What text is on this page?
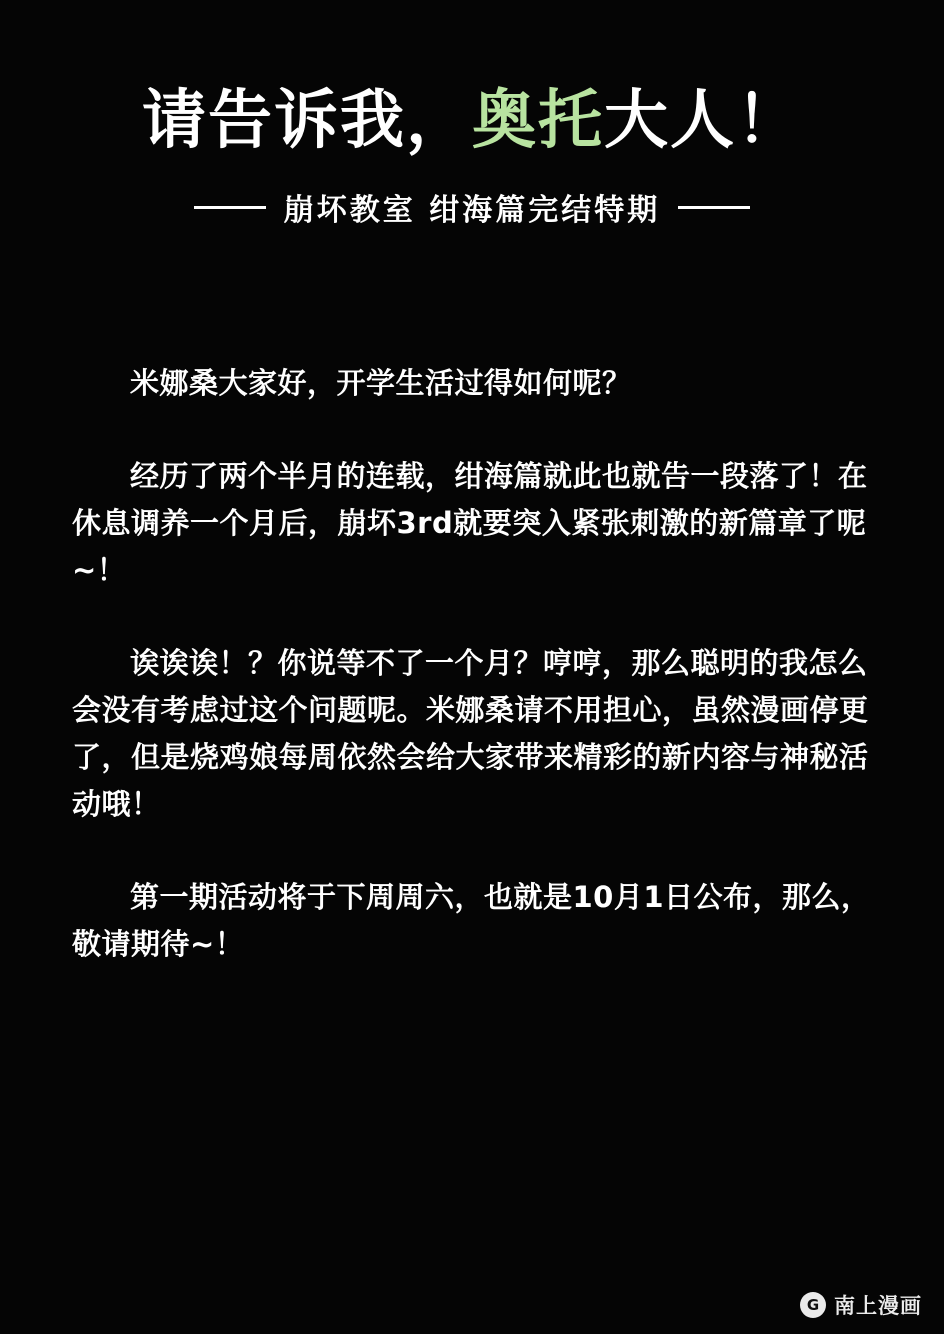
请告诉我，奥托大人！
崩坏教室 绀海篇完结特期

米娜桑大家好，开学生活过得如何呢？

经历了两个半月的连载，绀海篇就此也就告一段落了！在休息调养一个月后，崩坏3rd就要突入紧张刺激的新篇章了呢~！

诶诶诶！？你说等不了一个月？哼哼，那么聪明的我怎么会没有考虑过这个问题呢。米娜桑请不用担心，虽然漫画停更了，但是烧鸡娘每周依然会给大家带来精彩的新内容与神秘活动哦！

第一期活动将于下周周六，也就是10月1日公布，那么，敬请期待~！

G 南上漫画
